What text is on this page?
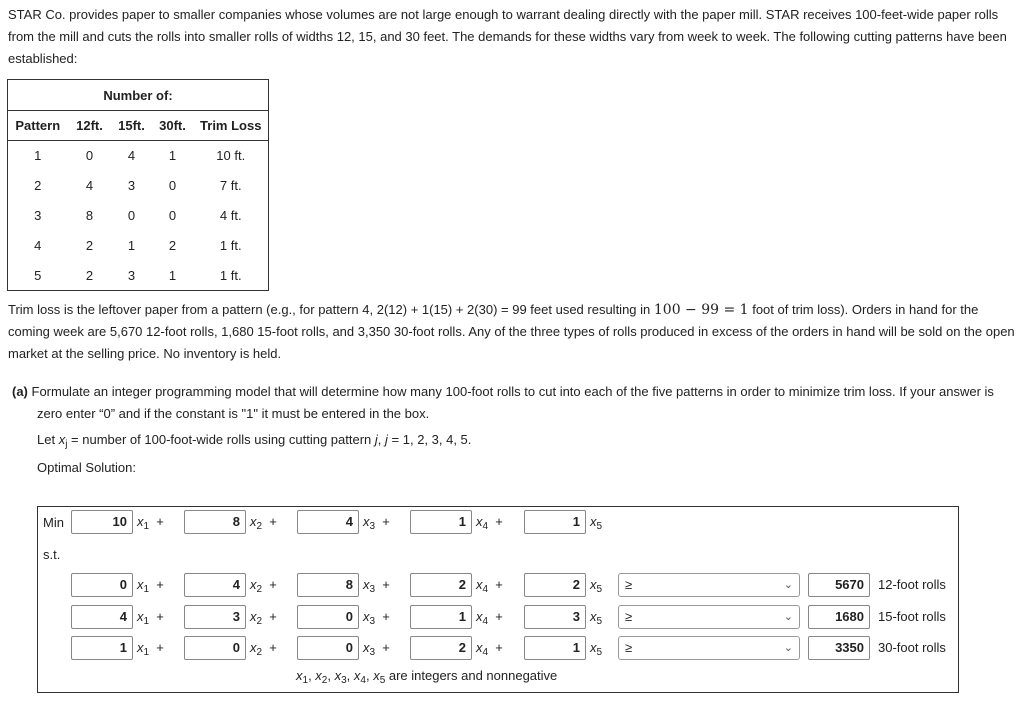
STAR Co. provides paper to smaller companies whose volumes are not large enough to warrant dealing directly with the paper mill. STAR receives 100-feet-wide paper rolls from the mill and cuts the rolls into smaller rolls of widths 12, 15, and 30 feet. The demands for these widths vary from week to week. The following cutting patterns have been established:
Number of:				
Pattern	12ft.	15ft.	30ft.	Trim Loss
1	0	4	1	10 ft.
2	4	3	0	7 ft.
3	8	0	0	4 ft.
4	2	1	2	1 ft.
5	2	3	1	1 ft.
Trim loss is the leftover paper from a pattern (e.g., for pattern 4, 2(12) + 1(15) + 2(30) = 99 feet used resulting in 100 − 99 = 1 foot of trim loss). Orders in hand for the coming week are 5,670 12-foot rolls, 1,680 15-foot rolls, and 3,350 30-foot rolls. Any of the three types of rolls produced in excess of the orders in hand will be sold on the open market at the selling price. No inventory is held.
(a) Formulate an integer programming model that will determine how many 100-foot rolls to cut into each of the five patterns in order to minimize trim loss. If your answer is zero enter “0” and if the constant is "1" it must be entered in the box.
Let $x_j$ = number of 100-foot-wide rolls using cutting pattern j, j = 1, 2, 3, 4, 5.
Optimal Solution:
Min
s.t.
10 $x_1$ +	8 $x_2$ +	4 $x_3$ +	1 $x_4$ +	1 $x_5$
0 $x_1$ +	4 $x_2$ +	8 $x_3$ +	2 $x_4$ +	2 $x_5$	≥	⌄	5670	12-foot rolls
4 $x_1$ +	3 $x_2$ +	0 $x_3$ +	1 $x_4$ +	3 $x_5$	≥	⌄	1680	15-foot rolls
1 $x_1$ +	0 $x_2$ +	0 $x_3$ +	2 $x_4$ +	1 $x_5$	≥	⌄	3350	30-foot rolls
$x_1$, $x_2$, $x_3$, $x_4$, $x_5$ are integers and nonnegative
